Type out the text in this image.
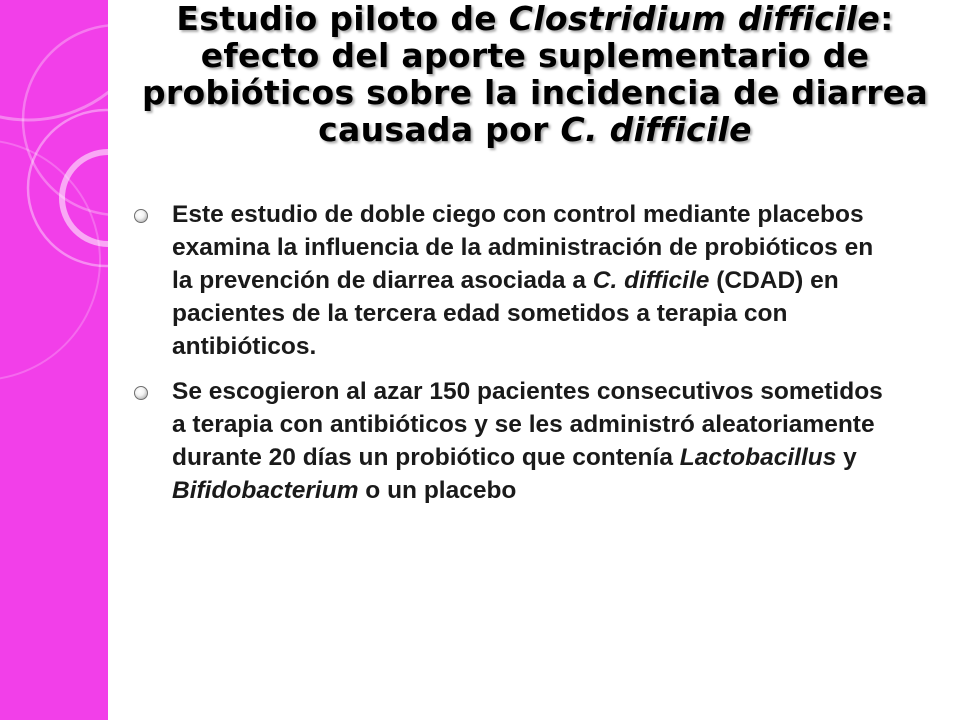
Estudio piloto de Clostridium difficile:
efecto del aporte suplementario de
probióticos sobre la incidencia de diarrea
causada por C. difficile
Este estudio de doble ciego con control mediante placebos examina la influencia de la administración de probióticos en la prevención de diarrea asociada a C. difficile (CDAD) en pacientes de la tercera edad sometidos a terapia con antibióticos.
Se escogieron al azar 150 pacientes consecutivos sometidos a terapia con antibióticos y se les administró aleatoriamente durante 20 días un probiótico que contenía Lactobacillus y Bifidobacterium o un placebo
